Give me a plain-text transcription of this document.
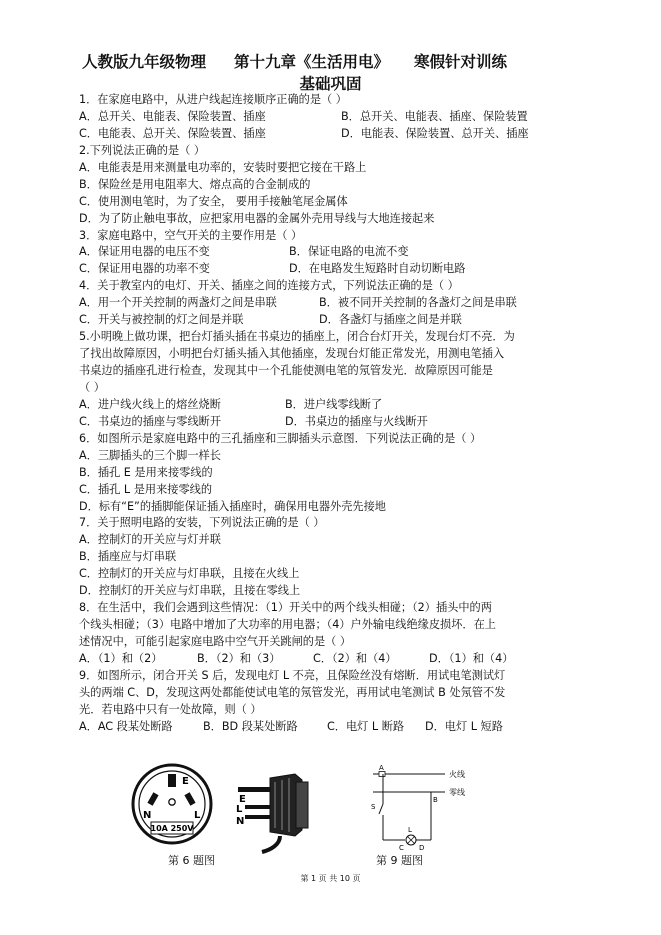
人教版九年级物理 第十九章《生活用电》 寒假针对训练
基础巩固
1．在家庭电路中，从进户线起连接顺序正确的是（ ）
A．总开关、电能表、保险装置、插座	B．总开关、电能表、插座、保险装置
C．电能表、总开关、保险装置、插座	D．电能表、保险装置、总开关、插座
2.下列说法正确的是（ ）
A．电能表是用来测量电功率的，安装时要把它接在干路上
B．保险丝是用电阻率大、熔点高的合金制成的
C．使用测电笔时，为了安全， 要用手接触笔尾金属体
D．为了防止触电事故，应把家用电器的金属外壳用导线与大地连接起来
3．家庭电路中，空气开关的主要作用是（ ）
A．保证用电器的电压不变	B．保证电路的电流不变
C．保证用电器的功率不变	D．在电路发生短路时自动切断电路
4．关于教室内的电灯、开关、插座之间的连接方式，下列说法正确的是（ ）
A．用一个开关控制的两盏灯之间是串联	B．被不同开关控制的各盏灯之间是串联
C．开关与被控制的灯之间是并联	D．各盏灯与插座之间是并联
5.小明晚上做功课，把台灯插头插在书桌边的插座上，闭合台灯开关，发现台灯不亮．为
了找出故障原因，小明把台灯插头插入其他插座，发现台灯能正常发光，用测电笔插入
书桌边的插座孔进行检查，发现其中一个孔能使测电笔的氖管发光．故障原因可能是
（ ）
A．进户线火线上的熔丝烧断	B．进户线零线断了
C．书桌边的插座与零线断开	D．书桌边的插座与火线断开
6．如图所示是家庭电路中的三孔插座和三脚插头示意图．下列说法正确的是（ ）
A．三脚插头的三个脚一样长
B．插孔 E 是用来接零线的
C．插孔 L 是用来接零线的
D．标有“E”的插脚能保证插入插座时，确保用电器外壳先接地
7．关于照明电路的安装，下列说法正确的是（ ）
A．控制灯的开关应与灯并联
B．插座应与灯串联
C．控制灯的开关应与灯串联，且接在火线上
D．控制灯的开关应与灯串联，且接在零线上
8．在生活中，我们会遇到这些情况：（1）开关中的两个线头相碰；（2）插头中的两
个线头相碰；（3）电路中增加了大功率的用电器；（4）户外输电线绝缘皮损坏．在上
述情况中，可能引起家庭电路中空气开关跳闸的是（ ）
A．（1）和（2）	B．（2）和（3）	C．（2）和（4）	D．（1）和（4）
9．如图所示，闭合开关 S 后，发现电灯 L 不亮，且保险丝没有熔断．用试电笔测试灯
头的两端 C、D，发现这两处都能使试电笔的氖管发光，再用试电笔测试 B 处氖管不发
光．若电路中只有一处故障，则（ ）
A．AC 段某处断路	B．BD 段某处断路	C．电灯 L 断路	D．电灯 L 短路
E
N	L
10A 250V
E
L
N
火线
零线
A
S
L
B
C D
第 6 题图	第 9 题图
第 1 页 共 10 页
